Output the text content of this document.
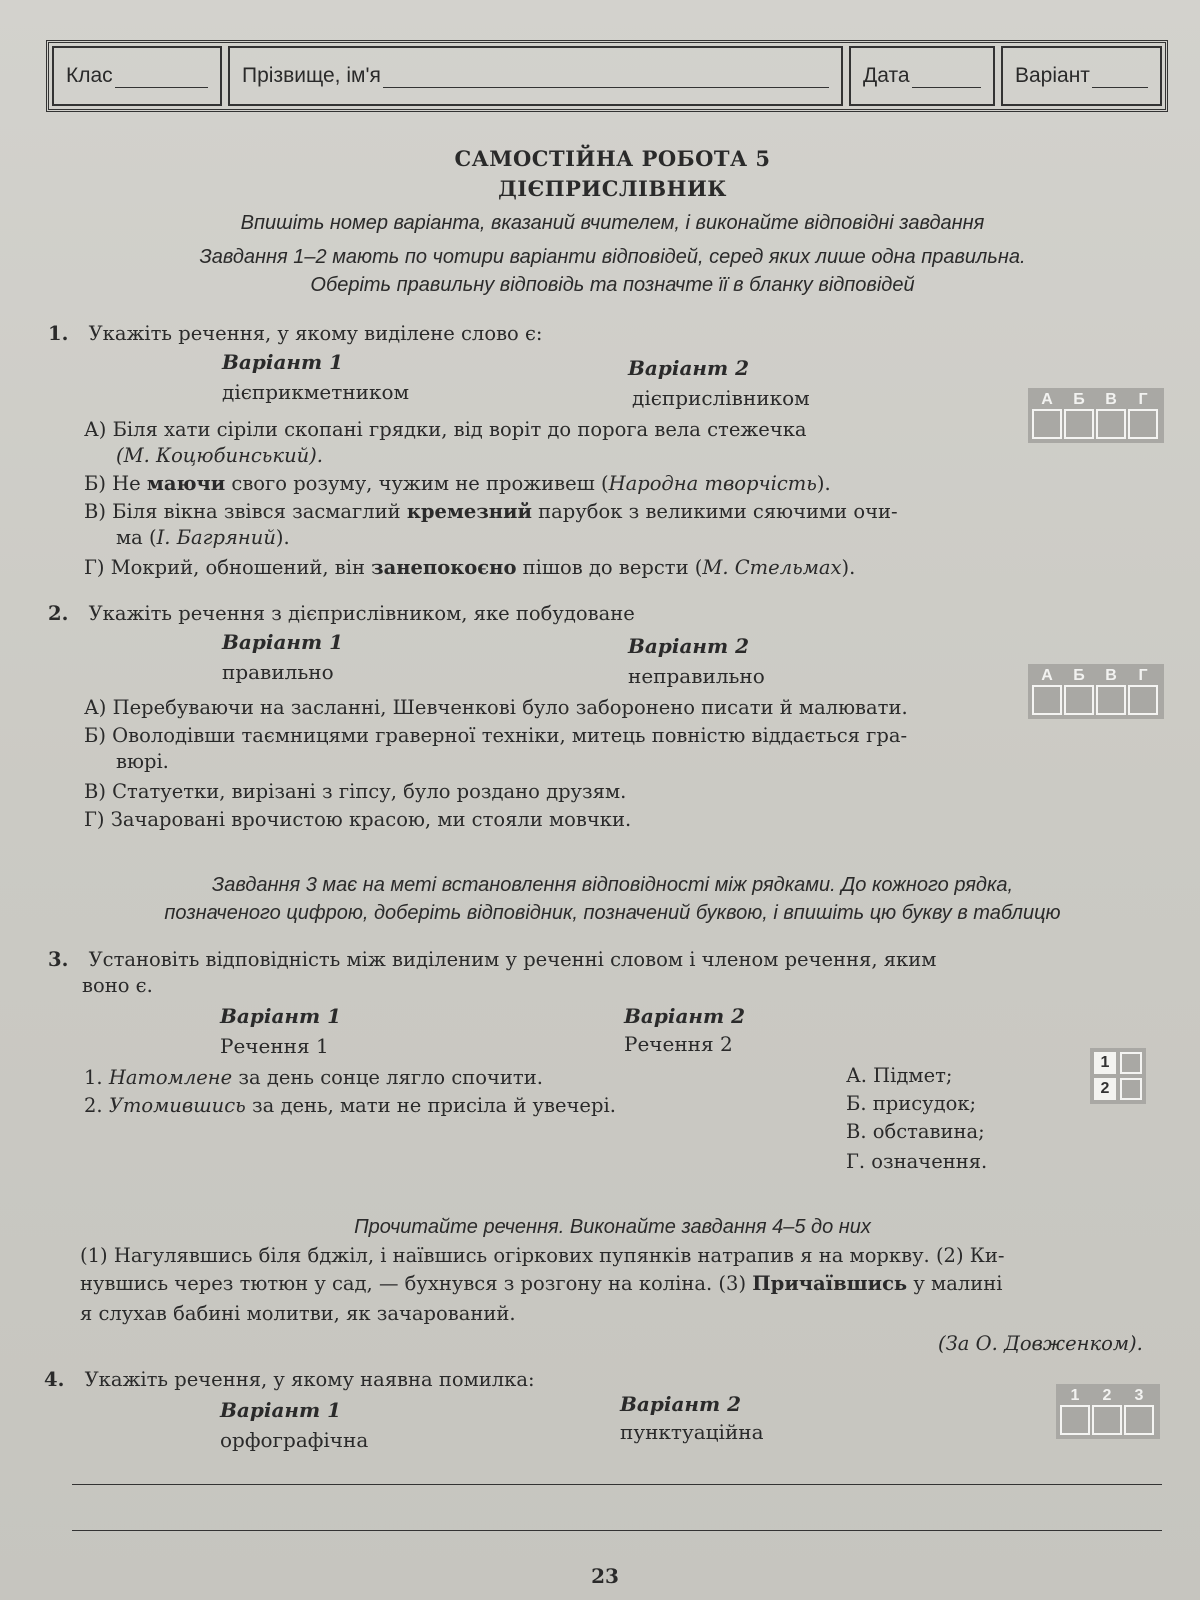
Клас	Прізвище, ім'я	Дата	Варіант
САМОСТІЙНА РОБОТА 5
ДІЄПРИСЛІВНИК
Впишіть номер варіанта, вказаний вчителем, і виконайте відповідні завдання
Завдання 1–2 мають по чотири варіанти відповідей, серед яких лише одна правильна.
Оберіть правильну відповідь та позначте її в бланку відповідей
1. Укажіть речення, у якому виділене слово є:
Варіант 1
дієприкметником
Варіант 2
дієприслівником	А	Б	В	Г
А) Біля хати сіріли скопані грядки, від воріт до порога вела стежечка
(М. Коцюбинський).
Б) Не маючи свого розуму, чужим не проживеш (Народна творчість).
В) Біля вікна звівся засмаглий кремезний парубок з великими сяючими очи-
ма (І. Багряний).
Г) Мокрий, обношений, він занепокоєно пішов до версти (М. Стельмах).
2. Укажіть речення з дієприслівником, яке побудоване
Варіант 1
правильно
Варіант 2
неправильно	А	Б	В	Г
А) Перебуваючи на засланні, Шевченкові було заборонено писати й малювати.
Б) Оволодівши таємницями граверної техніки, митець повністю віддається гра-
вюрі.
В) Статуетки, вирізані з гіпсу, було роздано друзям.
Г) Зачаровані врочистою красою, ми стояли мовчки.
Завдання 3 має на меті встановлення відповідності між рядками. До кожного рядка,
позначеного цифрою, доберіть відповідник, позначений буквою, і впишіть цю букву в таблицю
3. Установіть відповідність між виділеним у реченні словом і членом речення, яким
воно є.
Варіант 1
Речення 1
Варіант 2
Речення 2
1. Натомлене за день сонце лягло спочити.
2. Утомившись за день, мати не присіла й увечері.
А. Підмет;
Б. присудок;
В. обставина;
Г. означення.
1
2
Прочитайте речення. Виконайте завдання 4–5 до них
(1) Нагулявшись біля бджіл, і наївшись огіркових пупянків натрапив я на моркву. (2) Ки-
нувшись через тютюн у сад, — бухнувся з розгону на коліна. (3) Причаївшись у малині
я слухав бабині молитви, як зачарований.
(За О. Довженком).
4. Укажіть речення, у якому наявна помилка:
Варіант 1
орфографічна
Варіант 2
пунктуаційна
1	2	3
23
